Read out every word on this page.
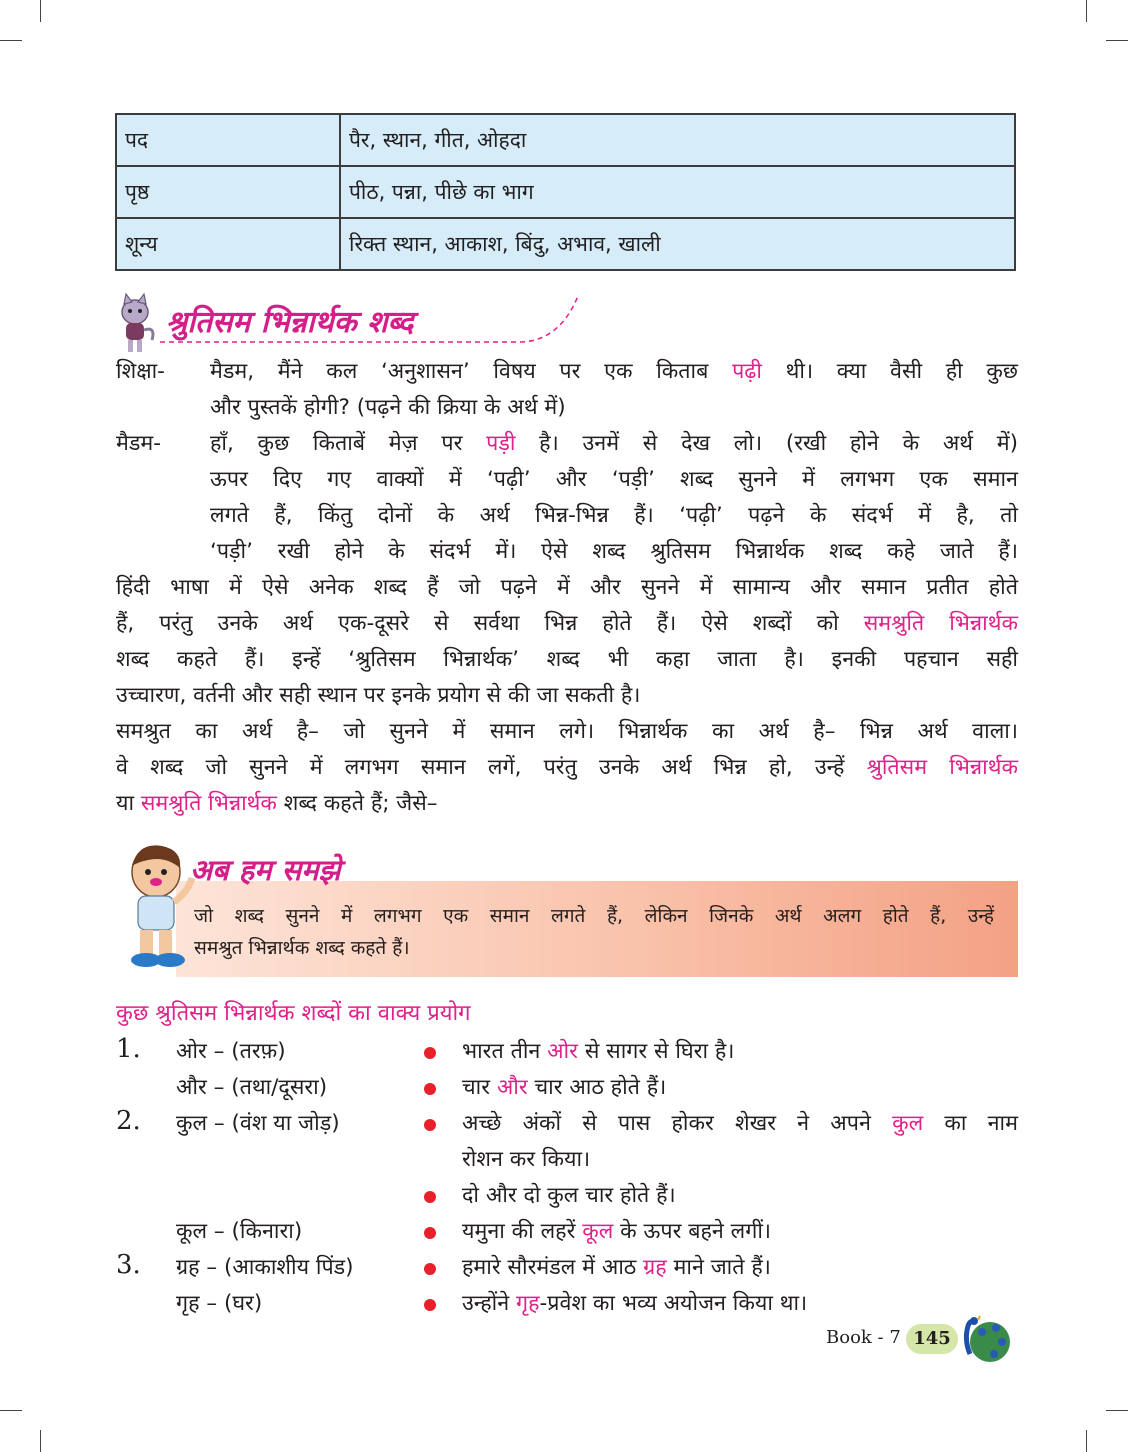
पद	पैर, स्थान, गीत, ओहदा
पृष्ठ	पीठ, पन्ना, पीछे का भाग
शून्य	रिक्त स्थान, आकाश, बिंदु, अभाव, खाली
श्रुतिसम भिन्नार्थक शब्द
शिक्षा- मैडम, मैंने कल ‘अनुशासन’ विषय पर एक किताब पढ़ी थी। क्या वैसी ही कुछ
और पुस्तकें होगी? (पढ़ने की क्रिया के अर्थ में)
मैडम- हाँ, कुछ किताबें मेज़ पर पड़ी है। उनमें से देख लो। (रखी होने के अर्थ में)
ऊपर दिए गए वाक्यों में ‘पढ़ी’ और ‘पड़ी’ शब्द सुनने में लगभग एक समान
लगते हैं, किंतु दोनों के अर्थ भिन्न-भिन्न हैं। ‘पढ़ी’ पढ़ने के संदर्भ में है, तो
‘पड़ी’ रखी होने के संदर्भ में। ऐसे शब्द श्रुतिसम भिन्नार्थक शब्द कहे जाते हैं।
हिंदी भाषा में ऐसे अनेक शब्द हैं जो पढ़ने में और सुनने में सामान्य और समान प्रतीत होते
हैं, परंतु उनके अर्थ एक-दूसरे से सर्वथा भिन्न होते हैं। ऐसे शब्दों को समश्रुति भिन्नार्थक
शब्द कहते हैं। इन्हें ‘श्रुतिसम भिन्नार्थक’ शब्द भी कहा जाता है। इनकी पहचान सही
उच्चारण, वर्तनी और सही स्थान पर इनके प्रयोग से की जा सकती है।
समश्रुत का अर्थ है– जो सुनने में समान लगे। भिन्नार्थक का अर्थ है– भिन्न अर्थ वाला।
वे शब्द जो सुनने में लगभग समान लगें, परंतु उनके अर्थ भिन्न हो, उन्हें श्रुतिसम भिन्नार्थक
या समश्रुति भिन्नार्थक शब्द कहते हैं; जैसे–
अब हम समझे
जो शब्द सुनने में लगभग एक समान लगते हैं, लेकिन जिनके अर्थ अलग होते हैं, उन्हें
समश्रुत भिन्नार्थक शब्द कहते हैं।
कुछ श्रुतिसम भिन्नार्थक शब्दों का वाक्य प्रयोग
1. ओर – (तरफ़)	भारत तीन ओर से सागर से घिरा है।
और – (तथा/दूसरा)	चार और चार आठ होते हैं।
2. कुल – (वंश या जोड़)	अच्छे अंकों से पास होकर शेखर ने अपने कुल का नाम
रोशन कर किया।
दो और दो कुल चार होते हैं।
कूल – (किनारा)	यमुना की लहरें कूल के ऊपर बहने लगीं।
3. ग्रह – (आकाशीय पिंड)	हमारे सौरमंडल में आठ ग्रह माने जाते हैं।
गृह – (घर)	उन्होंने गृह-प्रवेश का भव्य अयोजन किया था।
Book - 7 145
